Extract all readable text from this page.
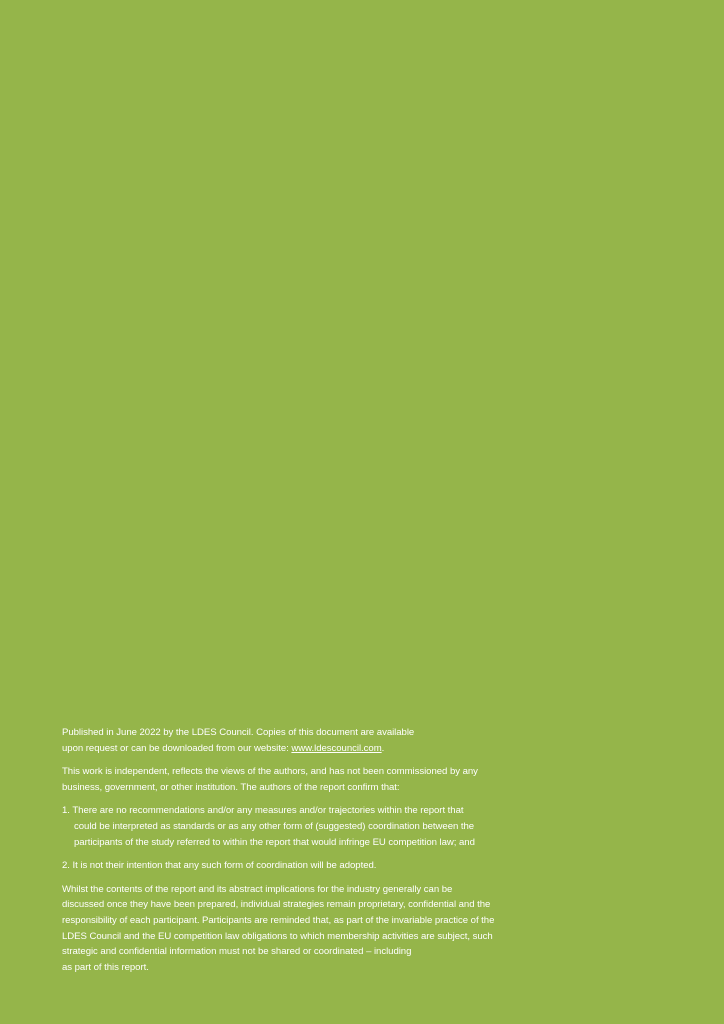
Published in June 2022 by the LDES Council. Copies of this document are available
upon request or can be downloaded from our website: www.ldescouncil.com.

This work is independent, reflects the views of the authors, and has not been commissioned by any
business, government, or other institution. The authors of the report confirm that:

1. There are no recommendations and/or any measures and/or trajectories within the report that
could be interpreted as standards or as any other form of (suggested) coordination between the
participants of the study referred to within the report that would infringe EU competition law; and
2. It is not their intention that any such form of coordination will be adopted.

Whilst the contents of the report and its abstract implications for the industry generally can be
discussed once they have been prepared, individual strategies remain proprietary, confidential and the
responsibility of each participant. Participants are reminded that, as part of the invariable practice of the
LDES Council and the EU competition law obligations to which membership activities are subject, such
strategic and confidential information must not be shared or coordinated – including
as part of this report.
